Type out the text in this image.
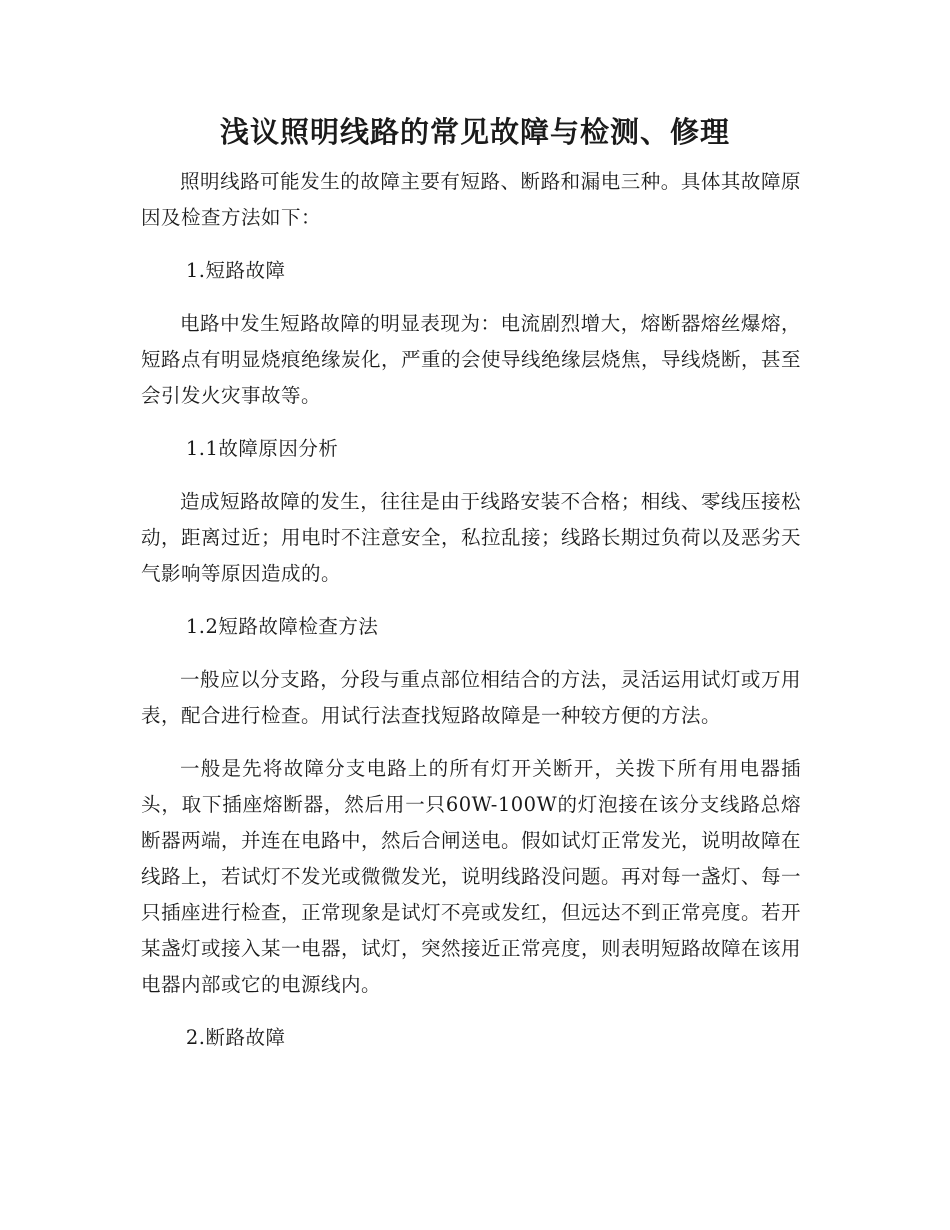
浅议照明线路的常见故障与检测、修理

照明线路可能发生的故障主要有短路、断路和漏电三种。具体其故障原因及检查方法如下：

1.短路故障

电路中发生短路故障的明显表现为：电流剧烈增大，熔断器熔丝爆熔，短路点有明显烧痕绝缘炭化，严重的会使导线绝缘层烧焦，导线烧断，甚至会引发火灾事故等。

1.1故障原因分析

造成短路故障的发生，往往是由于线路安装不合格；相线、零线压接松动，距离过近；用电时不注意安全，私拉乱接；线路长期过负荷以及恶劣天气影响等原因造成的。

1.2短路故障检查方法

一般应以分支路，分段与重点部位相结合的方法，灵活运用试灯或万用表，配合进行检查。用试行法查找短路故障是一种较方便的方法。

一般是先将故障分支电路上的所有灯开关断开，关拨下所有用电器插头，取下插座熔断器，然后用一只60W-100W的灯泡接在该分支线路总熔断器两端，并连在电路中，然后合闸送电。假如试灯正常发光，说明故障在线路上，若试灯不发光或微微发光，说明线路没问题。再对每一盏灯、每一只插座进行检查，正常现象是试灯不亮或发红，但远达不到正常亮度。若开某盏灯或接入某一电器，试灯，突然接近正常亮度，则表明短路故障在该用电器内部或它的电源线内。

2.断路故障
